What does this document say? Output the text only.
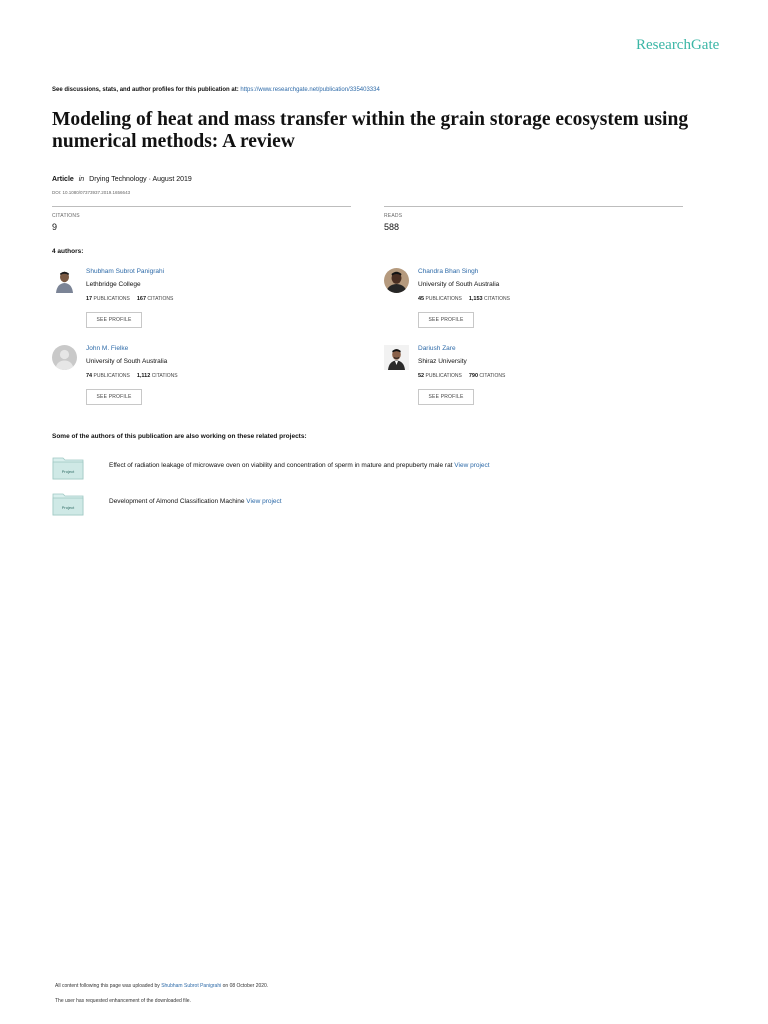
ResearchGate
See discussions, stats, and author profiles for this publication at: https://www.researchgate.net/publication/335403334
Modeling of heat and mass transfer within the grain storage ecosystem using numerical methods: A review
Article in Drying Technology · August 2019
DOI: 10.1080/07373937.2019.1656643
CITATIONS
9
READS
588
4 authors:
Shubham Subrot Panigrahi
Lethbridge College
17 PUBLICATIONS 167 CITATIONS
SEE PROFILE
Chandra Bhan Singh
University of South Australia
45 PUBLICATIONS 1,153 CITATIONS
SEE PROFILE
John M. Fielke
University of South Australia
74 PUBLICATIONS 1,112 CITATIONS
SEE PROFILE
Dariush Zare
Shiraz University
52 PUBLICATIONS 790 CITATIONS
SEE PROFILE
Some of the authors of this publication are also working on these related projects:
Project
Effect of radiation leakage of microwave oven on viability and concentration of sperm in mature and prepuberty male rat View project
Project
Development of Almond Classification Machine View project
All content following this page was uploaded by Shubham Subrot Panigrahi on 08 October 2020.
The user has requested enhancement of the downloaded file.
